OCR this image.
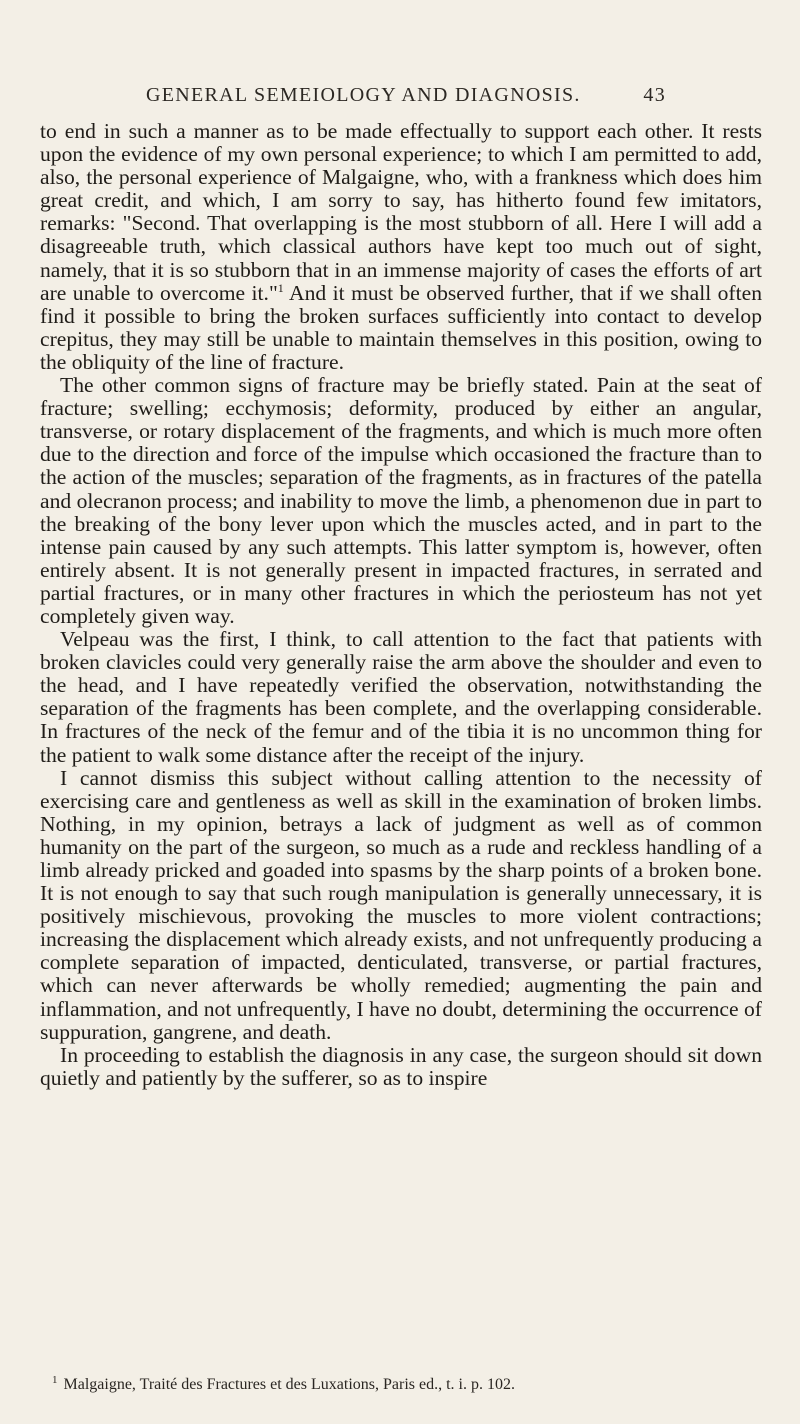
GENERAL SEMEIOLOGY AND DIAGNOSIS.	43

to end in such a manner as to be made effectually to support each other. It rests upon the evidence of my own personal experience; to which I am permitted to add, also, the personal experience of Malgaigne, who, with a frankness which does him great credit, and which, I am sorry to say, has hitherto found few imitators, remarks: "Second. That overlapping is the most stubborn of all. Here I will add a disagreeable truth, which classical authors have kept too much out of sight, namely, that it is so stubborn that in an immense majority of cases the efforts of art are unable to overcome it."$^1$ And it must be observed further, that if we shall often find it possible to bring the broken surfaces sufficiently into contact to develop crepitus, they may still be unable to maintain themselves in this position, owing to the obliquity of the line of fracture.

The other common signs of fracture may be briefly stated. Pain at the seat of fracture; swelling; ecchymosis; deformity, produced by either an angular, transverse, or rotary displacement of the fragments, and which is much more often due to the direction and force of the impulse which occasioned the fracture than to the action of the muscles; separation of the fragments, as in fractures of the patella and olecranon process; and inability to move the limb, a phenomenon due in part to the breaking of the bony lever upon which the muscles acted, and in part to the intense pain caused by any such attempts. This latter symptom is, however, often entirely absent. It is not generally present in impacted fractures, in serrated and partial fractures, or in many other fractures in which the periosteum has not yet completely given way.

Velpeau was the first, I think, to call attention to the fact that patients with broken clavicles could very generally raise the arm above the shoulder and even to the head, and I have repeatedly verified the observation, notwithstanding the separation of the fragments has been complete, and the overlapping considerable. In fractures of the neck of the femur and of the tibia it is no uncommon thing for the patient to walk some distance after the receipt of the injury.

I cannot dismiss this subject without calling attention to the necessity of exercising care and gentleness as well as skill in the examination of broken limbs. Nothing, in my opinion, betrays a lack of judgment as well as of common humanity on the part of the surgeon, so much as a rude and reckless handling of a limb already pricked and goaded into spasms by the sharp points of a broken bone. It is not enough to say that such rough manipulation is generally unnecessary, it is positively mischievous, provoking the muscles to more violent contractions; increasing the displacement which already exists, and not unfrequently producing a complete separation of impacted, denticulated, transverse, or partial fractures, which can never afterwards be wholly remedied; augmenting the pain and inflammation, and not unfrequently, I have no doubt, determining the occurrence of suppuration, gangrene, and death.

In proceeding to establish the diagnosis in any case, the surgeon should sit down quietly and patiently by the sufferer, so as to inspire

$^1$ Malgaigne, Traité des Fractures et des Luxations, Paris ed., t. i. p. 102.
